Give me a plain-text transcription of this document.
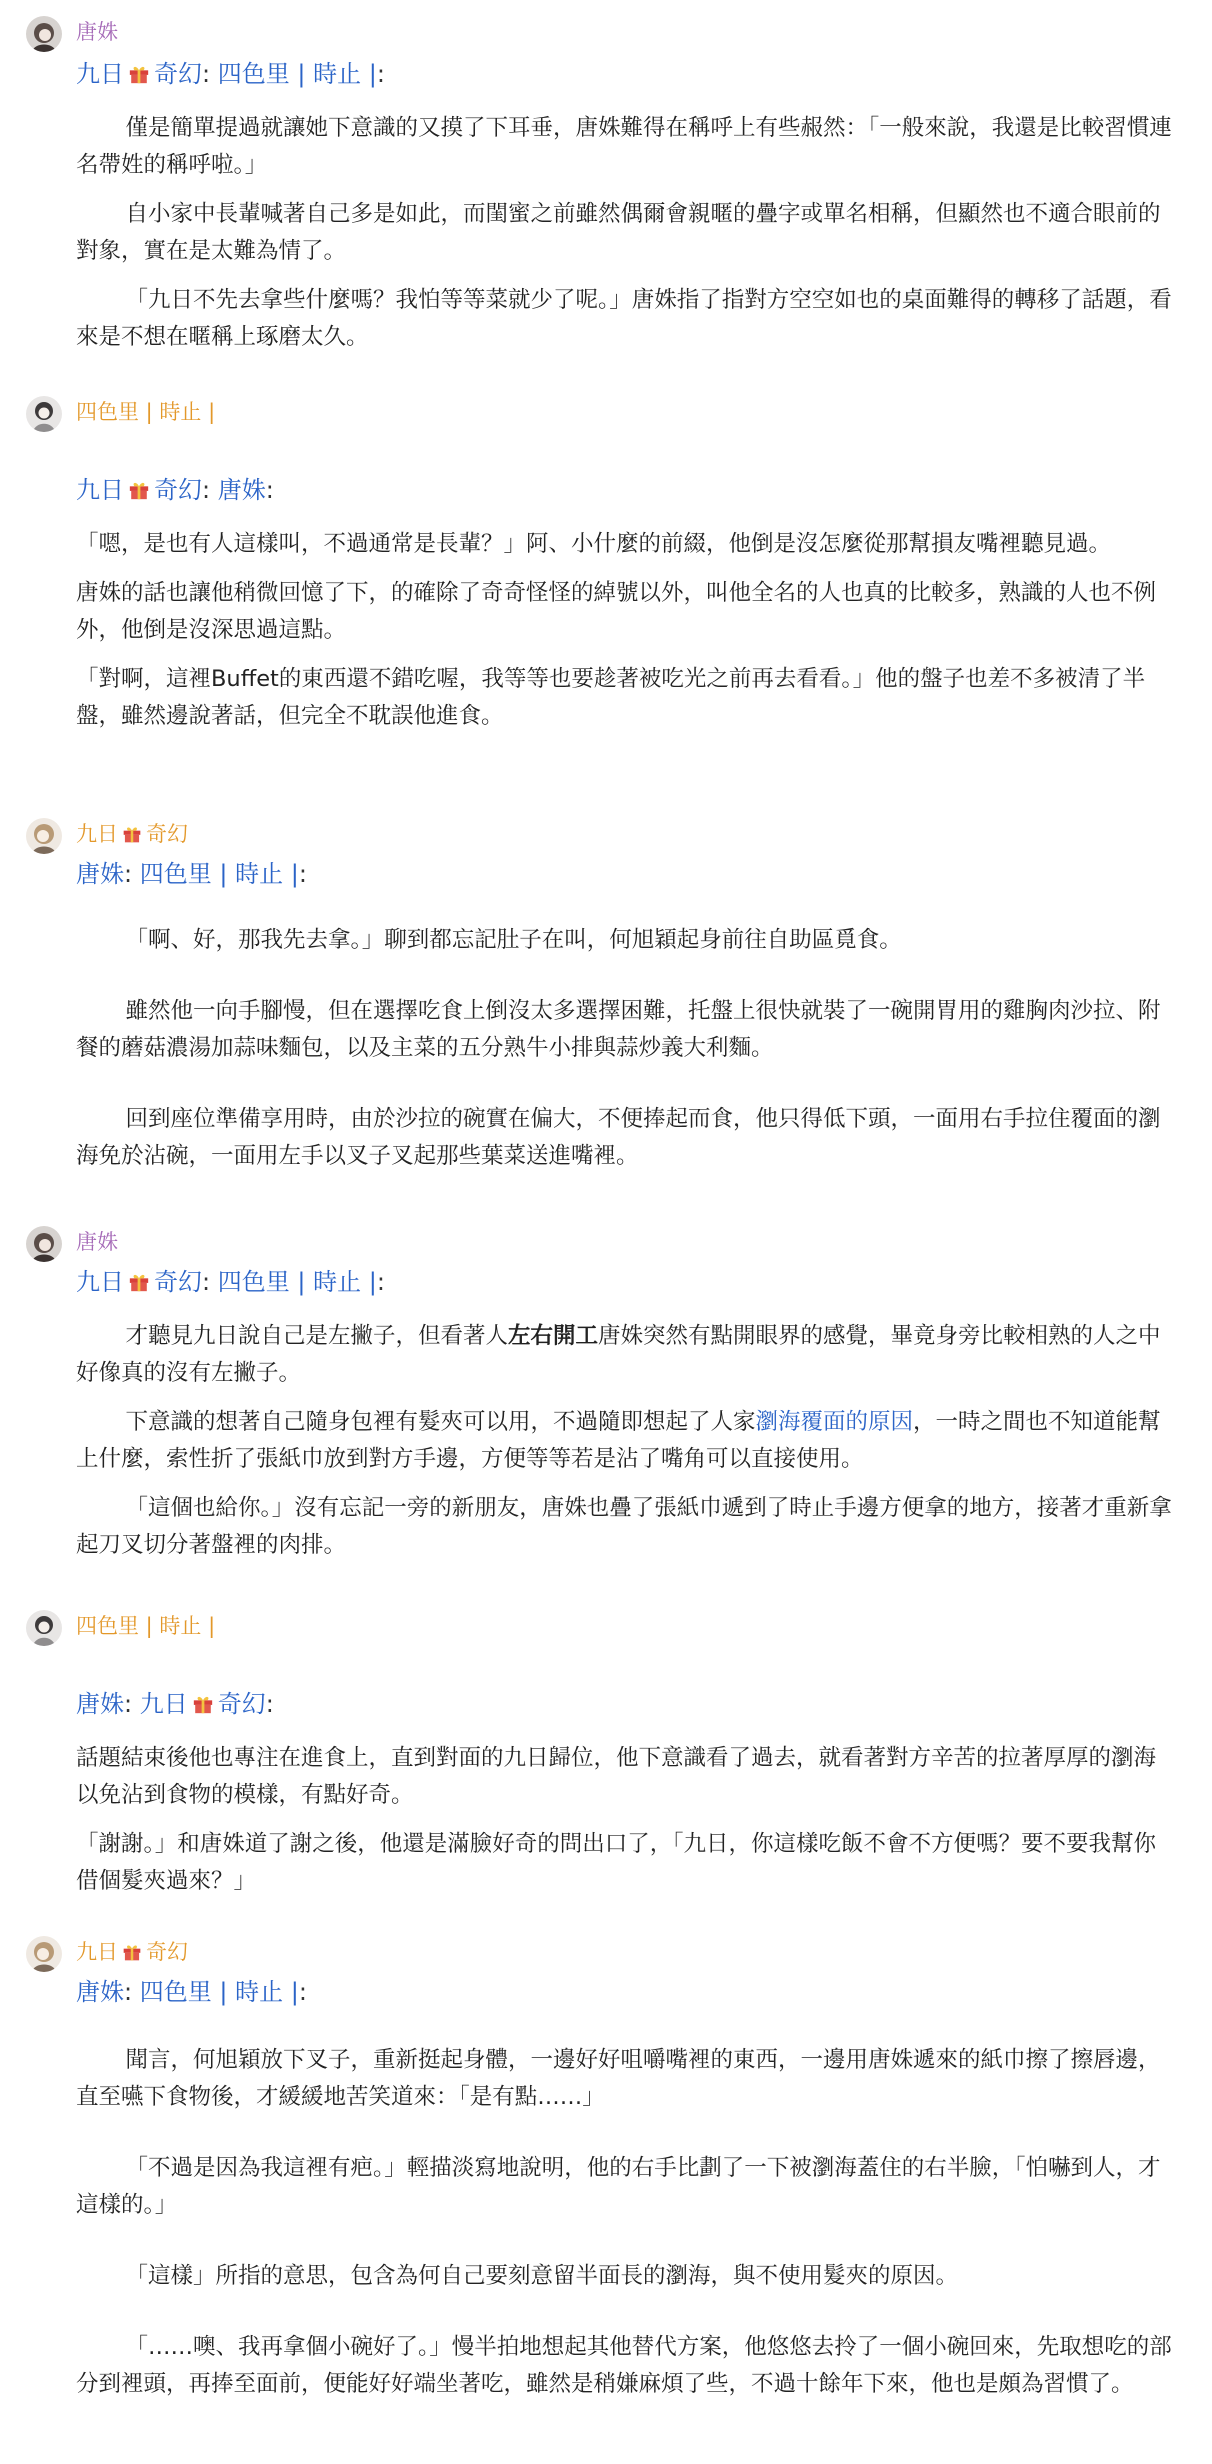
唐姝
九日 奇幻: 四色里 | 時止 |:

僅是簡單提過就讓她下意識的又摸了下耳垂，唐姝難得在稱呼上有些赧然：「一般來說，我還是比較習慣連名帶姓的稱呼啦。」

自小家中長輩喊著自己多是如此，而閨蜜之前雖然偶爾會親暱的疊字或單名相稱，但顯然也不適合眼前的對象，實在是太難為情了。

「九日不先去拿些什麼嗎？我怕等等菜就少了呢。」唐姝指了指對方空空如也的桌面難得的轉移了話題，看來是不想在暱稱上琢磨太久。

四色里 | 時止 |
九日 奇幻: 唐姝:

「嗯，是也有人這樣叫，不過通常是長輩？」阿、小什麼的前綴，他倒是沒怎麼從那幫損友嘴裡聽見過。

唐姝的話也讓他稍微回憶了下，的確除了奇奇怪怪的綽號以外，叫他全名的人也真的比較多，熟識的人也不例外，他倒是沒深思過這點。

「對啊，這裡Buffet的東西還不錯吃喔，我等等也要趁著被吃光之前再去看看。」他的盤子也差不多被清了半盤，雖然邊說著話，但完全不耽誤他進食。

九日 奇幻
唐姝: 四色里 | 時止 |:

「啊、好，那我先去拿。」聊到都忘記肚子在叫，何旭穎起身前往自助區覓食。

雖然他一向手腳慢，但在選擇吃食上倒沒太多選擇困難，托盤上很快就裝了一碗開胃用的雞胸肉沙拉、附餐的蘑菇濃湯加蒜味麵包，以及主菜的五分熟牛小排與蒜炒義大利麵。

回到座位準備享用時，由於沙拉的碗實在偏大，不便捧起而食，他只得低下頭，一面用右手拉住覆面的瀏海免於沾碗，一面用左手以叉子叉起那些葉菜送進嘴裡。

唐姝
九日 奇幻: 四色里 | 時止 |:

才聽見九日說自己是左撇子，但看著人左右開工唐姝突然有點開眼界的感覺，畢竟身旁比較相熟的人之中好像真的沒有左撇子。

下意識的想著自己隨身包裡有髮夾可以用，不過隨即想起了人家瀏海覆面的原因，一時之間也不知道能幫上什麼，索性折了張紙巾放到對方手邊，方便等等若是沾了嘴角可以直接使用。

「這個也給你。」沒有忘記一旁的新朋友，唐姝也疊了張紙巾遞到了時止手邊方便拿的地方，接著才重新拿起刀叉切分著盤裡的肉排。

四色里 | 時止 |
唐姝: 九日 奇幻:

話題結束後他也專注在進食上，直到對面的九日歸位，他下意識看了過去，就看著對方辛苦的拉著厚厚的瀏海以免沾到食物的模樣，有點好奇。

「謝謝。」和唐姝道了謝之後，他還是滿臉好奇的問出口了，「九日，你這樣吃飯不會不方便嗎？要不要我幫你借個髮夾過來？」

九日 奇幻
唐姝: 四色里 | 時止 |:

聞言，何旭穎放下叉子，重新挺起身體，一邊好好咀嚼嘴裡的東西，一邊用唐姝遞來的紙巾擦了擦唇邊，直至嚥下食物後，才緩緩地苦笑道來：「是有點……」

「不過是因為我這裡有疤。」輕描淡寫地說明，他的右手比劃了一下被瀏海蓋住的右半臉，「怕嚇到人，才這樣的。」

「這樣」所指的意思，包含為何自己要刻意留半面長的瀏海，與不使用髮夾的原因。

「……噢、我再拿個小碗好了。」慢半拍地想起其他替代方案，他悠悠去拎了一個小碗回來，先取想吃的部分到裡頭，再捧至面前，便能好好端坐著吃，雖然是稍嫌麻煩了些，不過十餘年下來，他也是頗為習慣了。
